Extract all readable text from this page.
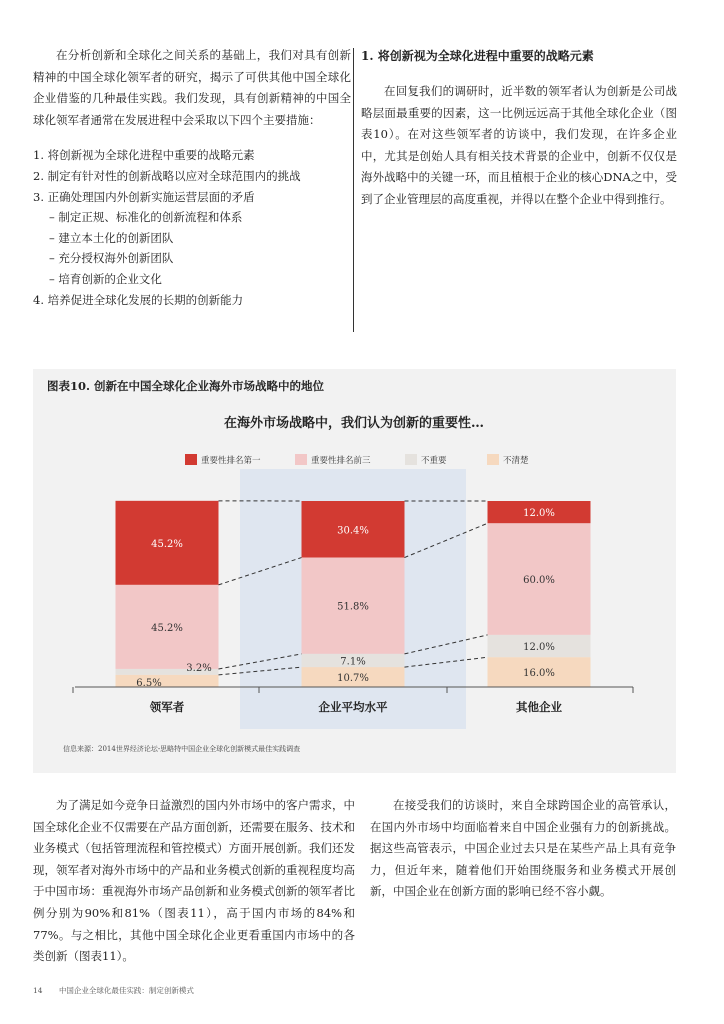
在分析创新和全球化之间关系的基础上，我们对具有创新精神的中国全球化领军者的研究，揭示了可供其他中国全球化企业借鉴的几种最佳实践。我们发现，具有创新精神的中国全球化领军者通常在发展进程中会采取以下四个主要措施：

1. 将创新视为全球化进程中重要的战略元素
2. 制定有针对性的创新战略以应对全球范围内的挑战
3. 正确处理国内外创新实施运营层面的矛盾
– 制定正规、标准化的创新流程和体系
– 建立本土化的创新团队
– 充分授权海外创新团队
– 培育创新的企业文化
4. 培养促进全球化发展的长期的创新能力
1. 将创新视为全球化进程中重要的战略元素

在回复我们的调研时，近半数的领军者认为创新是公司战略层面最重要的因素，这一比例远远高于其他全球化企业（图表10）。在对这些领军者的访谈中，我们发现，在许多企业中，尤其是创始人具有相关技术背景的企业中，创新不仅仅是海外战略中的关键一环，而且植根于企业的核心DNA之中，受到了企业管理层的高度重视，并得以在整个企业中得到推行。

在海外市场战略中，我们认为创新的重要性…
重要性排名第一	重要性排名前三	不重要	不清楚
45.2%
45.2%
3.2%
6.5%
30.4%
51.8%
7.1%
10.7%
12.0%
60.0%
12.0%
16.0%
领军者	企业平均水平	其他企业
信息来源：2014世界经济论坛-思略特中国企业全球化创新模式最佳实践调查
图表10. 创新在中国全球化企业海外市场战略中的地位

为了满足如今竞争日益激烈的国内外市场中的客户需求，中国全球化企业不仅需要在产品方面创新，还需要在服务、技术和业务模式（包括管理流程和管控模式）方面开展创新。我们还发现，领军者对海外市场中的产品和业务模式创新的重视程度均高于中国市场：重视海外市场产品创新和业务模式创新的领军者比例分别为90%和81%（图表11），高于国内市场的84%和77%。与之相比，其他中国全球化企业更看重国内市场中的各类创新（图表11）。

在接受我们的访谈时，来自全球跨国企业的高管承认，在国内外市场中均面临着来自中国企业强有力的创新挑战。据这些高管表示，中国企业过去只是在某些产品上具有竞争力，但近年来，随着他们开始围绕服务和业务模式开展创新，中国企业在创新方面的影响已经不容小觑。

14 中国企业全球化最佳实践：制定创新模式
